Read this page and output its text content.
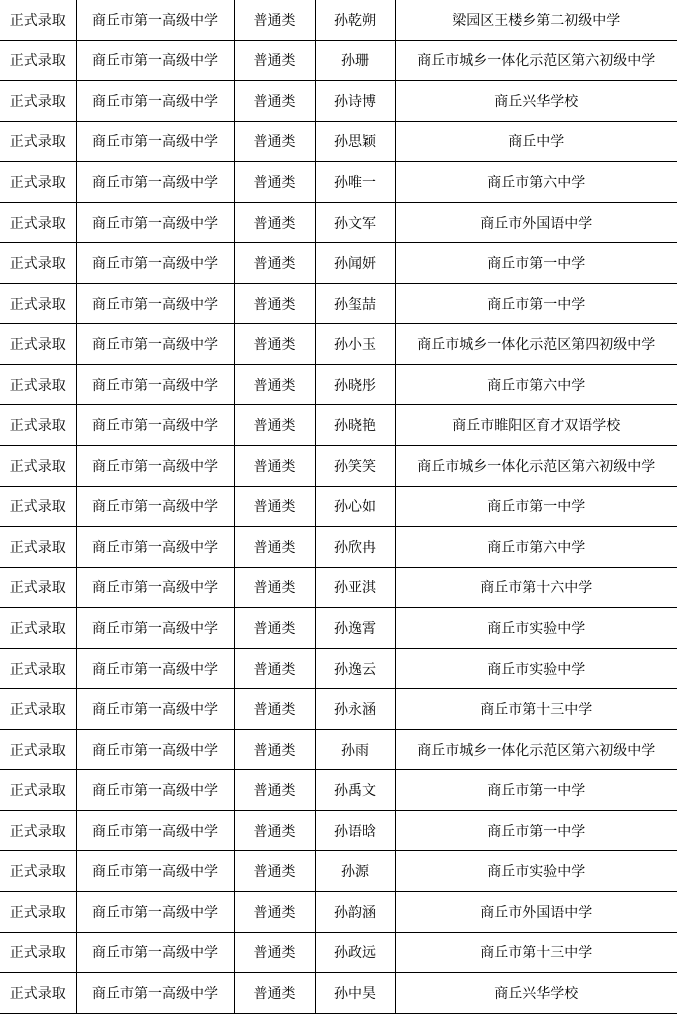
正式录取	商丘市第一高级中学	普通类	孙乾朔	梁园区王楼乡第二初级中学
正式录取	商丘市第一高级中学	普通类	孙珊	商丘市城乡一体化示范区第六初级中学
正式录取	商丘市第一高级中学	普通类	孙诗博	商丘兴华学校
正式录取	商丘市第一高级中学	普通类	孙思颖	商丘中学
正式录取	商丘市第一高级中学	普通类	孙唯一	商丘市第六中学
正式录取	商丘市第一高级中学	普通类	孙文军	商丘市外国语中学
正式录取	商丘市第一高级中学	普通类	孙闻妍	商丘市第一中学
正式录取	商丘市第一高级中学	普通类	孙玺喆	商丘市第一中学
正式录取	商丘市第一高级中学	普通类	孙小玉	商丘市城乡一体化示范区第四初级中学
正式录取	商丘市第一高级中学	普通类	孙晓彤	商丘市第六中学
正式录取	商丘市第一高级中学	普通类	孙晓艳	商丘市睢阳区育才双语学校
正式录取	商丘市第一高级中学	普通类	孙笑笑	商丘市城乡一体化示范区第六初级中学
正式录取	商丘市第一高级中学	普通类	孙心如	商丘市第一中学
正式录取	商丘市第一高级中学	普通类	孙欣冉	商丘市第六中学
正式录取	商丘市第一高级中学	普通类	孙亚淇	商丘市第十六中学
正式录取	商丘市第一高级中学	普通类	孙逸霄	商丘市实验中学
正式录取	商丘市第一高级中学	普通类	孙逸云	商丘市实验中学
正式录取	商丘市第一高级中学	普通类	孙永涵	商丘市第十三中学
正式录取	商丘市第一高级中学	普通类	孙雨	商丘市城乡一体化示范区第六初级中学
正式录取	商丘市第一高级中学	普通类	孙禹文	商丘市第一中学
正式录取	商丘市第一高级中学	普通类	孙语晗	商丘市第一中学
正式录取	商丘市第一高级中学	普通类	孙源	商丘市实验中学
正式录取	商丘市第一高级中学	普通类	孙韵涵	商丘市外国语中学
正式录取	商丘市第一高级中学	普通类	孙政远	商丘市第十三中学
正式录取	商丘市第一高级中学	普通类	孙中昊	商丘兴华学校
